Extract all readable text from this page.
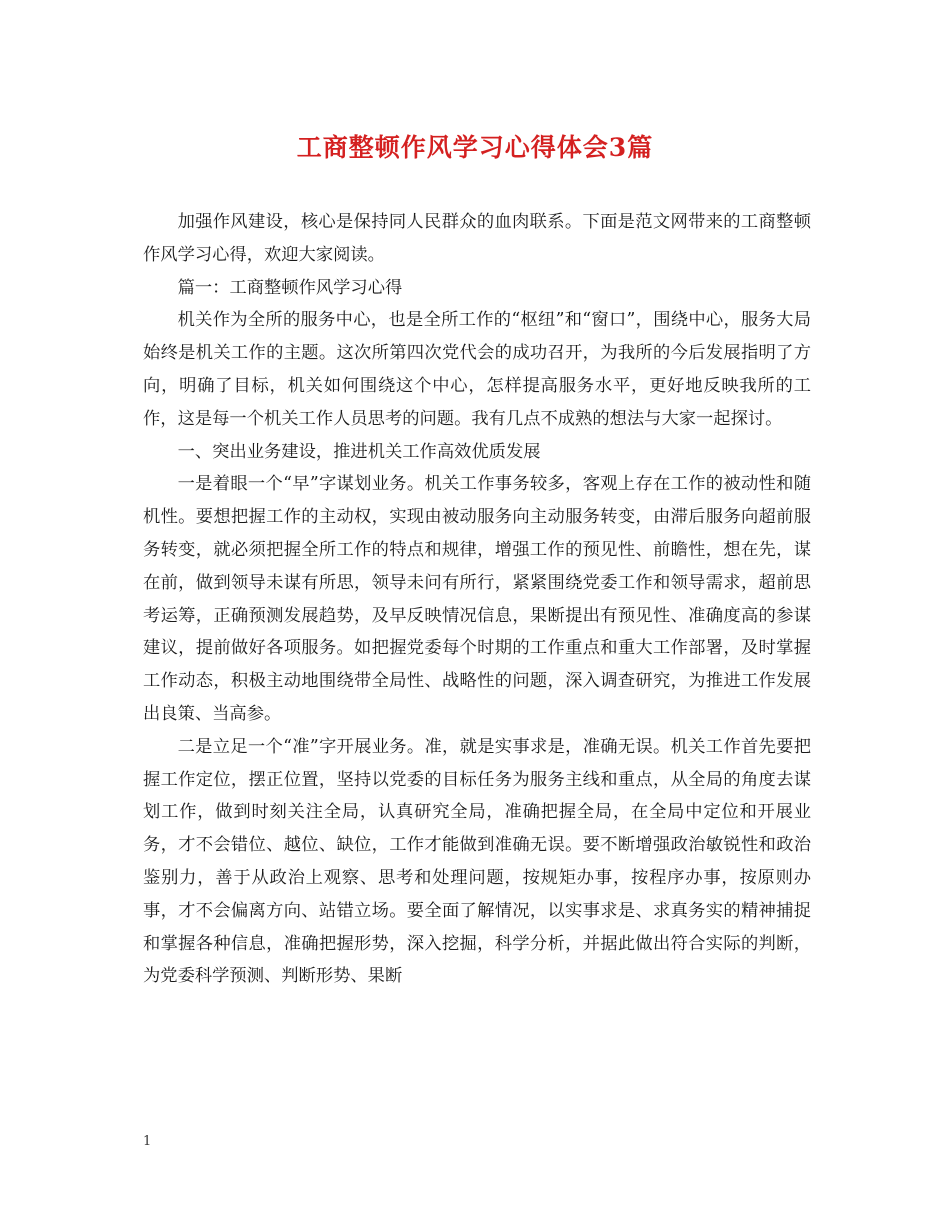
工商整顿作风学习心得体会3篇

加强作风建设，核心是保持同人民群众的血肉联系。下面是范文网带来的工商整顿作风学习心得，欢迎大家阅读。

篇一：工商整顿作风学习心得

机关作为全所的服务中心，也是全所工作的“枢纽”和“窗口”，围绕中心，服务大局始终是机关工作的主题。这次所第四次党代会的成功召开，为我所的今后发展指明了方向，明确了目标，机关如何围绕这个中心，怎样提高服务水平，更好地反映我所的工作，这是每一个机关工作人员思考的问题。我有几点不成熟的想法与大家一起探讨。

一、突出业务建设，推进机关工作高效优质发展

一是着眼一个“早”字谋划业务。机关工作事务较多，客观上存在工作的被动性和随机性。要想把握工作的主动权，实现由被动服务向主动服务转变，由滞后服务向超前服务转变，就必须把握全所工作的特点和规律，增强工作的预见性、前瞻性，想在先，谋在前，做到领导未谋有所思，领导未问有所行，紧紧围绕党委工作和领导需求，超前思考运筹，正确预测发展趋势，及早反映情况信息，果断提出有预见性、准确度高的参谋建议，提前做好各项服务。如把握党委每个时期的工作重点和重大工作部署，及时掌握工作动态，积极主动地围绕带全局性、战略性的问题，深入调查研究，为推进工作发展出良策、当高参。

二是立足一个“准”字开展业务。准，就是实事求是，准确无误。机关工作首先要把握工作定位，摆正位置，坚持以党委的目标任务为服务主线和重点，从全局的角度去谋划工作，做到时刻关注全局，认真研究全局，准确把握全局，在全局中定位和开展业务，才不会错位、越位、缺位，工作才能做到准确无误。要不断增强政治敏锐性和政治鉴别力，善于从政治上观察、思考和处理问题，按规矩办事，按程序办事，按原则办事，才不会偏离方向、站错立场。要全面了解情况，以实事求是、求真务实的精神捕捉和掌握各种信息，准确把握形势，深入挖掘，科学分析，并据此做出符合实际的判断，为党委科学预测、判断形势、果断

1
